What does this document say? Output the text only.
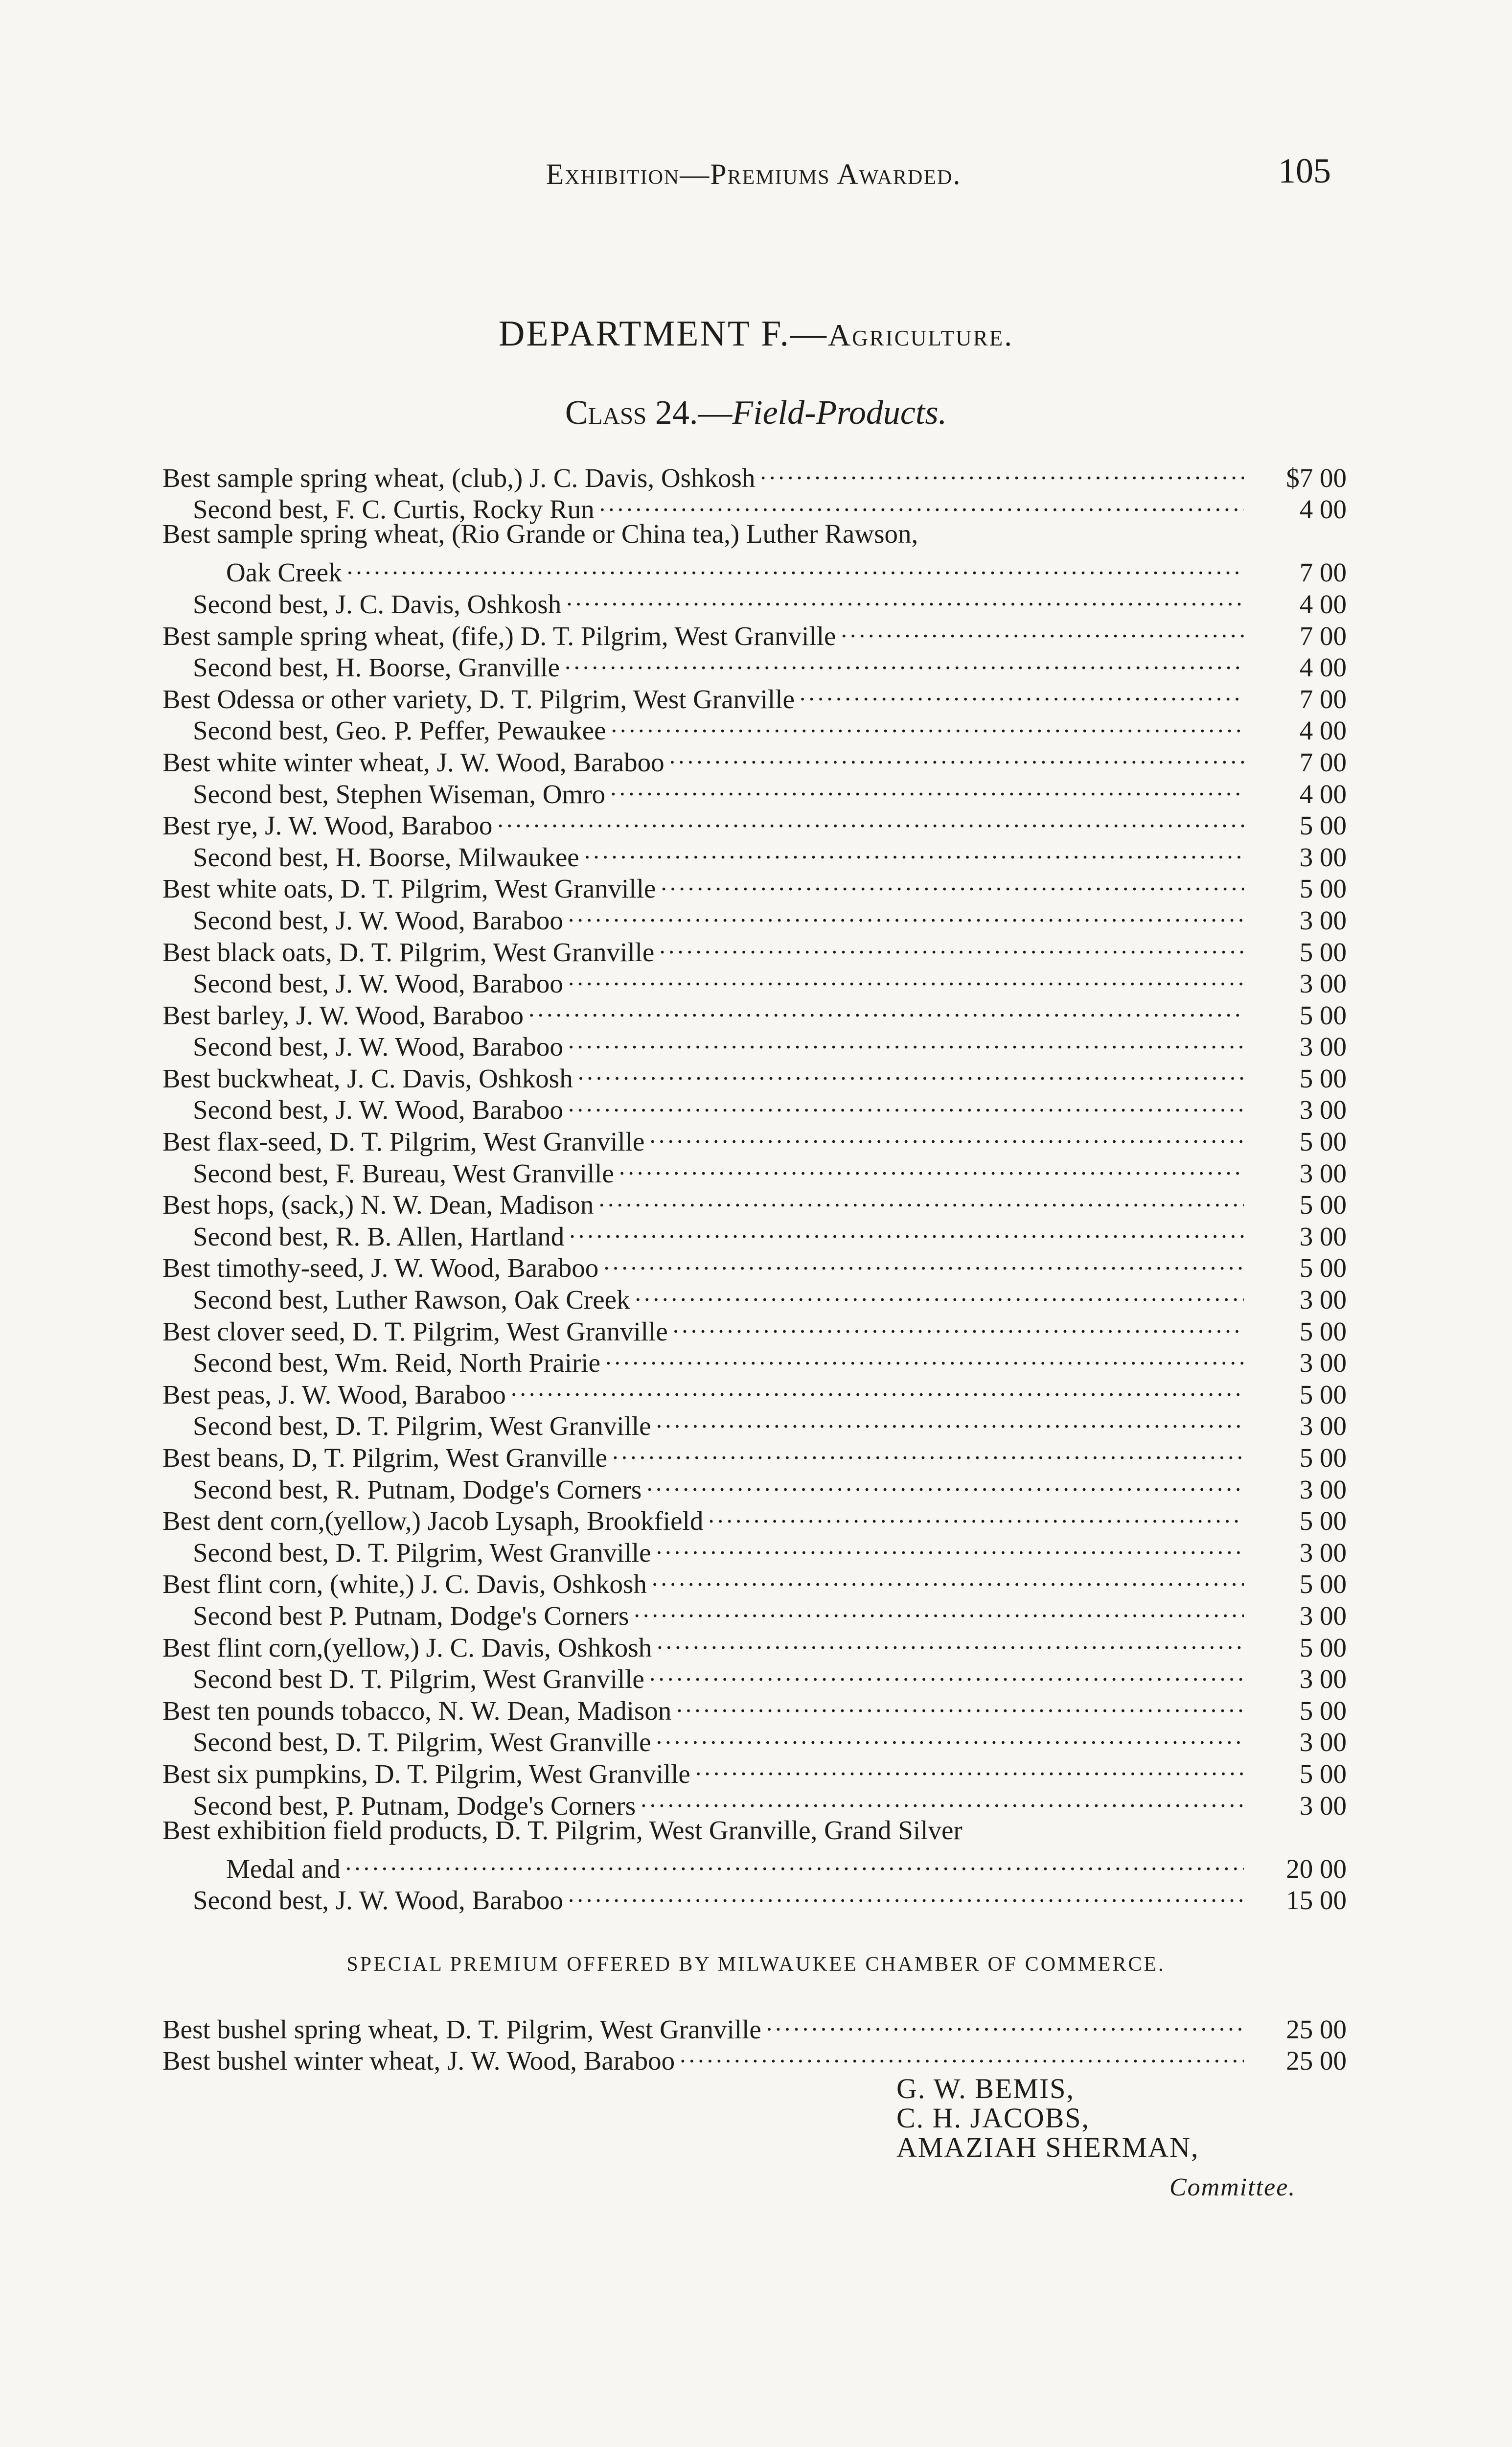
Exhibition—Premiums Awarded.	105
DEPARTMENT F.—Agriculture.
Class 24.—Field-Products.
Best sample spring wheat, (club,) J. C. Davis, Oshkosh .....	$7 00
Second best, F. C. Curtis, Rocky Run .....	4 00
Best sample spring wheat, (Rio Grande or China tea,) Luther Rawson,
Oak Creek .....	7 00
Second best, J. C. Davis, Oshkosh .....	4 00
Best sample spring wheat, (fife,) D. T. Pilgrim, West Granville .....	7 00
Second best, H. Boorse, Granville .....	4 00
Best Odessa or other variety, D. T. Pilgrim, West Granville .....	7 00
Second best, Geo. P. Peffer, Pewaukee .....	4 00
Best white winter wheat, J. W. Wood, Baraboo .....	7 00
Second best, Stephen Wiseman, Omro .....	4 00
Best rye, J. W. Wood, Baraboo .....	5 00
Second best, H. Boorse, Milwaukee .....	3 00
Best white oats, D. T. Pilgrim, West Granville .....	5 00
Second best, J. W. Wood, Baraboo .....	3 00
Best black oats, D. T. Pilgrim, West Granville .....	5 00
Second best, J. W. Wood, Baraboo .....	3 00
Best barley, J. W. Wood, Baraboo .....	5 00
Second best, J. W. Wood, Baraboo .....	3 00
Best buckwheat, J. C. Davis, Oshkosh .....	5 00
Second best, J. W. Wood, Baraboo .....	3 00
Best flax-seed, D. T. Pilgrim, West Granville .....	5 00
Second best, F. Bureau, West Granville .....	3 00
Best hops, (sack,) N. W. Dean, Madison .....	5 00
Second best, R. B. Allen, Hartland .....	3 00
Best timothy-seed, J. W. Wood, Baraboo .....	5 00
Second best, Luther Rawson, Oak Creek .....	3 00
Best clover seed, D. T. Pilgrim, West Granville .....	5 00
Second best, Wm. Reid, North Prairie .....	3 00
Best peas, J. W. Wood, Baraboo .....	5 00
Second best, D. T. Pilgrim, West Granville .....	3 00
Best beans, D, T. Pilgrim, West Granville .....	5 00
Second best, R. Putnam, Dodge's Corners .....	3 00
Best dent corn,(yellow,) Jacob Lysaph, Brookfield .....	5 00
Second best, D. T. Pilgrim, West Granville .....	3 00
Best flint corn, (white,) J. C. Davis, Oshkosh .....	5 00
Second best P. Putnam, Dodge's Corners .....	3 00
Best flint corn,(yellow,) J. C. Davis, Oshkosh .....	5 00
Second best D. T. Pilgrim, West Granville .....	3 00
Best ten pounds tobacco, N. W. Dean, Madison .....	5 00
Second best, D. T. Pilgrim, West Granville .....	3 00
Best six pumpkins, D. T. Pilgrim, West Granville .....	5 00
Second best, P. Putnam, Dodge's Corners .....	3 00
Best exhibition field products, D. T. Pilgrim, West Granville, Grand Silver
Medal and .....	20 00
Second best, J. W. Wood, Baraboo .....	15 00
SPECIAL PREMIUM OFFERED BY MILWAUKEE CHAMBER OF COMMERCE.
Best bushel spring wheat, D. T. Pilgrim, West Granville .....	25 00
Best bushel winter wheat, J. W. Wood, Baraboo .....	25 00
G. W. BEMIS,
C. H. JACOBS,
AMAZIAH SHERMAN,
Committee.
